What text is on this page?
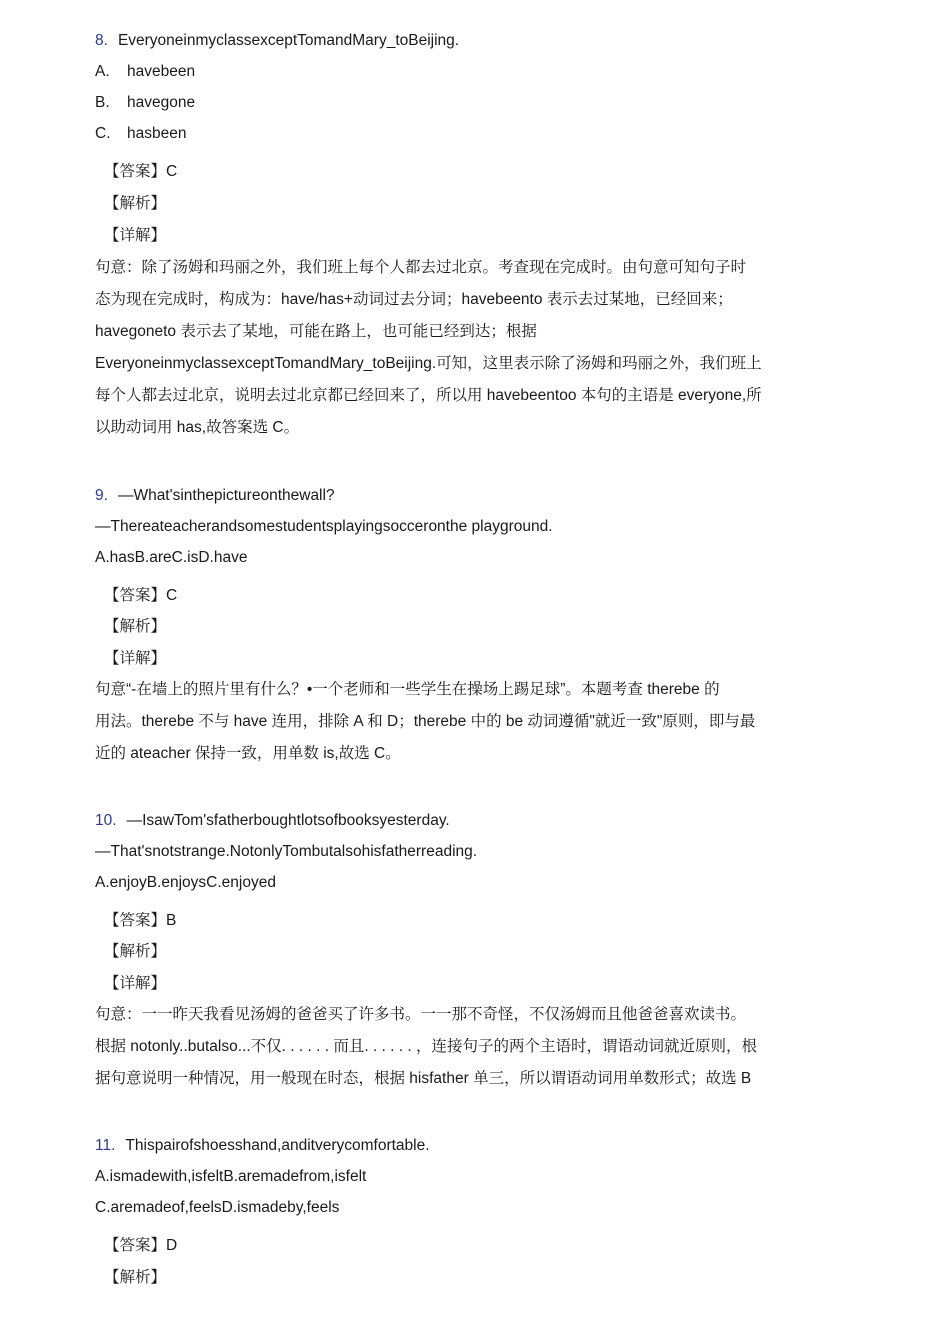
8. EveryoneinmyclassexceptTomandMary_toBeijing.
A. havebeen
B. havegone
C. hasbeen
【答案】C
【解析】
【详解】
句意：除了汤姆和玛丽之外，我们班上每个人都去过北京。考查现在完成时。由句意可知句子时
态为现在完成时，构成为：have/has+动词过去分词；havebeento 表示去过某地，已经回来；
havegoneto 表示去了某地，可能在路上，也可能已经到达；根据
EveryoneinmyclassexceptTomandMary_toBeijing.可知，这里表示除了汤姆和玛丽之外，我们班上
每个人都去过北京，说明去过北京都已经回来了，所以用 havebeentoo 本句的主语是 everyone,所
以助动词用 has,故答案选 C。
9. —What'sinthepictureonthewall?
—Thereateacherandsomestudentsplayingsocceronthe playground.
A.hasB.areC.isD.have
【答案】C
【解析】
【详解】
句意“-在墙上的照片里有什么？•一个老师和一些学生在操场上踢足球”。本题考查 therebe 的
用法。therebe 不与 have 连用，排除 A 和 D；therebe 中的 be 动词遵循"就近一致"原则，即与最
近的 ateacher 保持一致，用单数 is,故选 C。
10. —IsawTom'sfatherboughtlotsofbooksyesterday.
—That'snotstrange.NotonlyTombutalsohisfatherreading.
A.enjoyB.enjoysC.enjoyed
【答案】B
【解析】
【详解】
句意：一一昨天我看见汤姆的爸爸买了许多书。一一那不奇怪，不仅汤姆而且他爸爸喜欢读书。
根据 notonly..butalso...不仅. . . . . . 而且. . . . . . ，连接句子的两个主语时，谓语动词就近原则，根
据句意说明一种情况，用一般现在时态，根据 hisfather 单三，所以谓语动词用单数形式；故选 B
11. Thispairofshoesshand,anditverycomfortable.
A.ismadewith,isfeltB.aremadefrom,isfelt
C.aremadeof,feelsD.ismadeby,feels
【答案】D
【解析】
